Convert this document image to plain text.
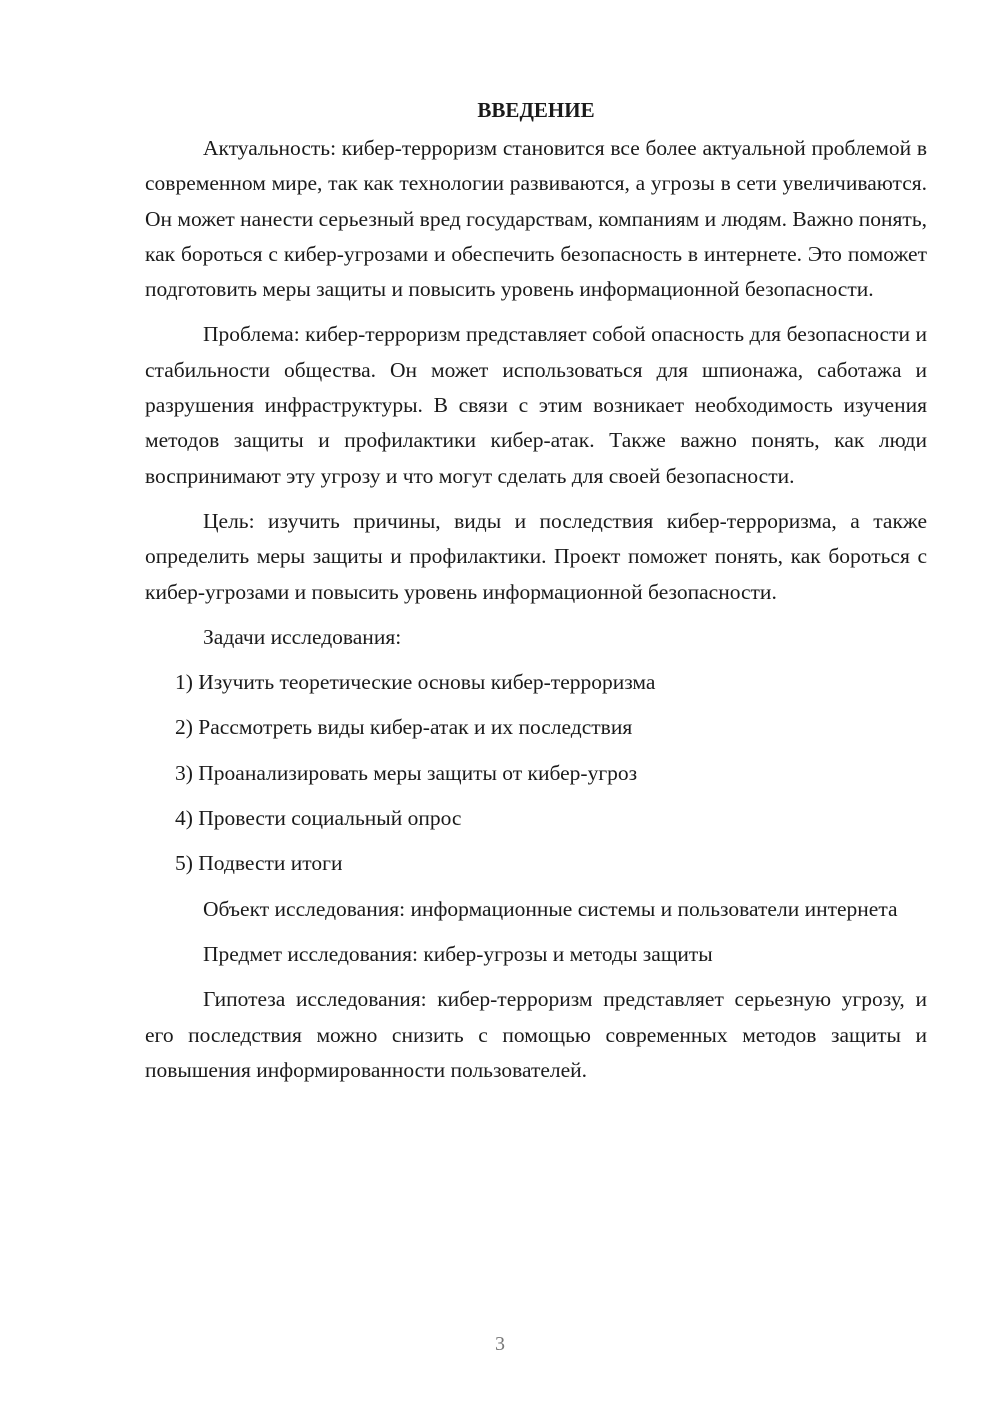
ВВЕДЕНИЕ

Актуальность: кибер-терроризм становится все более актуальной проблемой в современном мире, так как технологии развиваются, а угрозы в сети увеличиваются. Он может нанести серьезный вред государствам, компаниям и людям. Важно понять, как бороться с кибер-угрозами и обеспечить безопасность в интернете. Это поможет подготовить меры защиты и повысить уровень информационной безопасности.

Проблема: кибер-терроризм представляет собой опасность для безопасности и стабильности общества. Он может использоваться для шпионажа, саботажа и разрушения инфраструктуры. В связи с этим возникает необходимость изучения методов защиты и профилактики кибер-атак. Также важно понять, как люди воспринимают эту угрозу и что могут сделать для своей безопасности.

Цель: изучить причины, виды и последствия кибер-терроризма, а также определить меры защиты и профилактики. Проект поможет понять, как бороться с кибер-угрозами и повысить уровень информационной безопасности.

Задачи исследования:

1) Изучить теоретические основы кибер-терроризма
2) Рассмотреть виды кибер-атак и их последствия
3) Проанализировать меры защиты от кибер-угроз
4) Провести социальный опрос
5) Подвести итоги

Объект исследования: информационные системы и пользователи интернета

Предмет исследования: кибер-угрозы и методы защиты

Гипотеза исследования: кибер-терроризм представляет серьезную угрозу, и его последствия можно снизить с помощью современных методов защиты и повышения информированности пользователей.

3
